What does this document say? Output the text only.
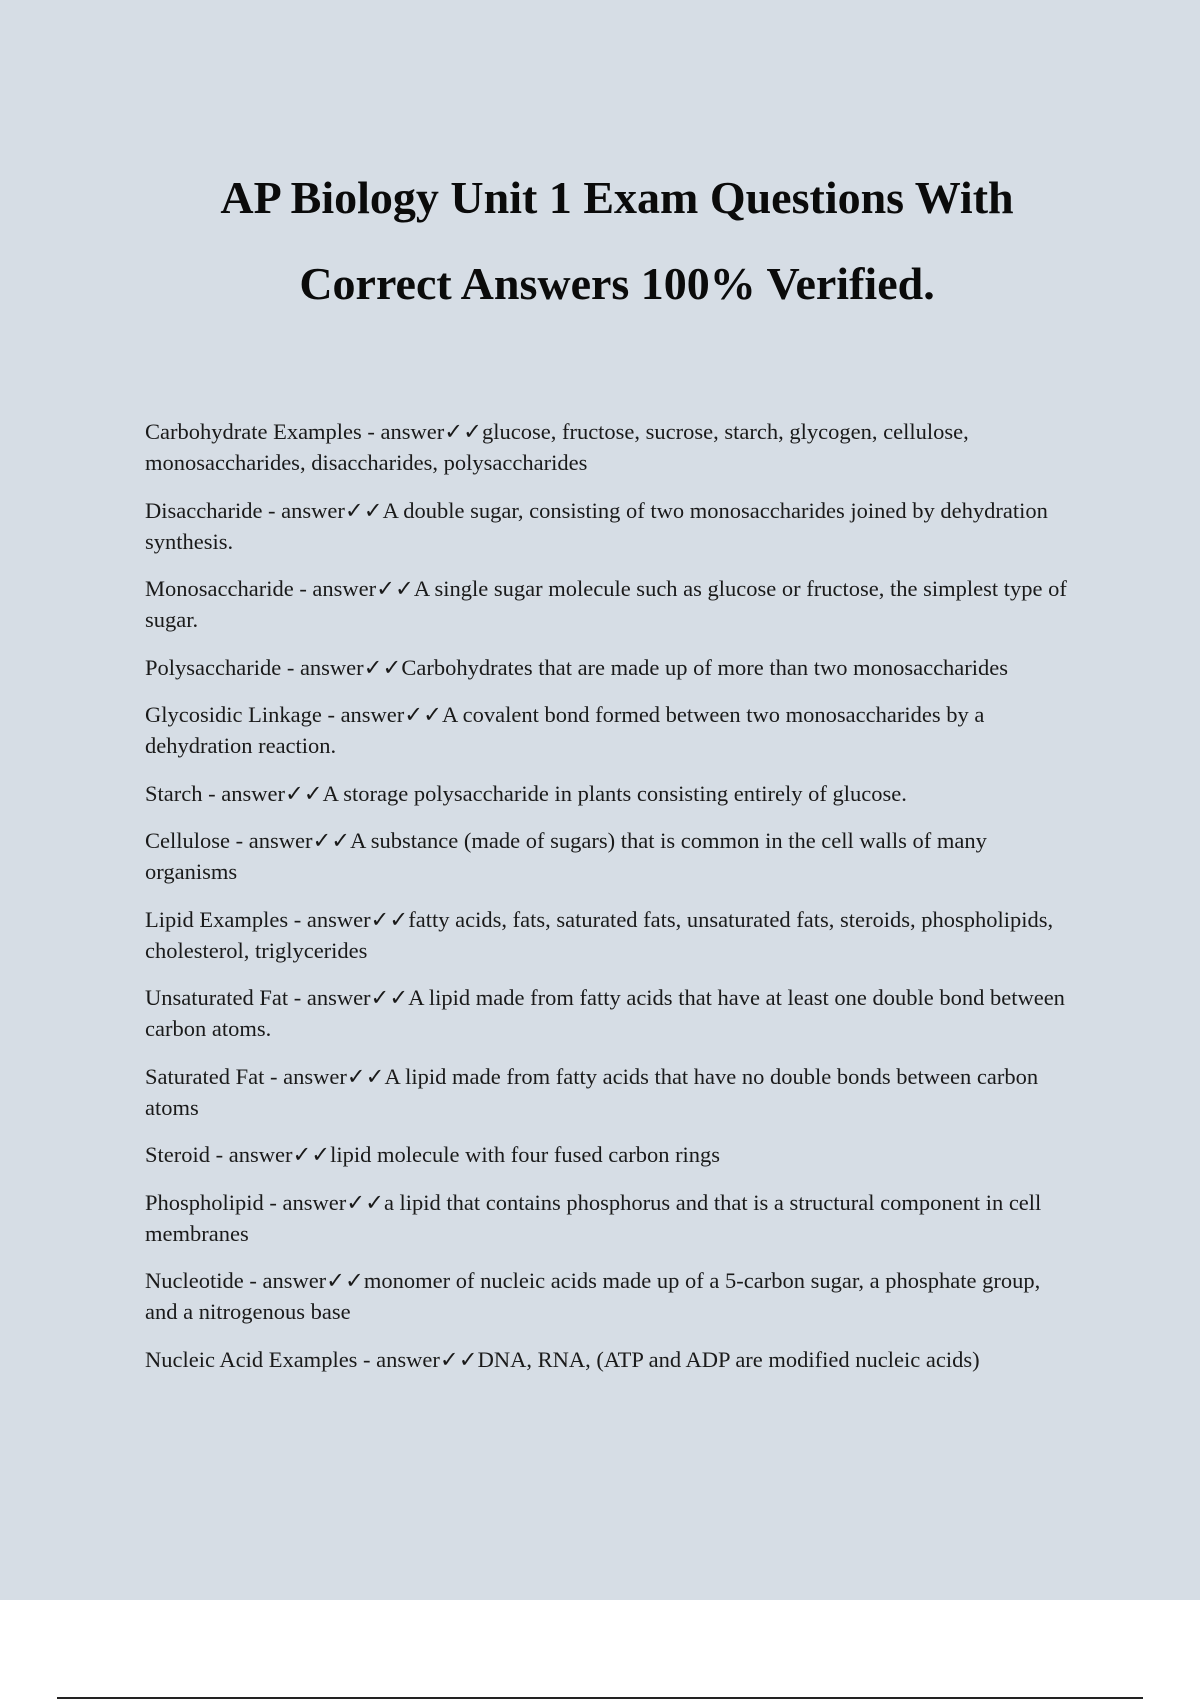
AP Biology Unit 1 Exam Questions With Correct Answers 100% Verified.

Carbohydrate Examples - answer✓✓glucose, fructose, sucrose, starch, glycogen, cellulose, monosaccharides, disaccharides, polysaccharides

Disaccharide - answer✓✓A double sugar, consisting of two monosaccharides joined by dehydration synthesis.

Monosaccharide - answer✓✓A single sugar molecule such as glucose or fructose, the simplest type of sugar.

Polysaccharide - answer✓✓Carbohydrates that are made up of more than two monosaccharides

Glycosidic Linkage - answer✓✓A covalent bond formed between two monosaccharides by a dehydration reaction.

Starch - answer✓✓A storage polysaccharide in plants consisting entirely of glucose.

Cellulose - answer✓✓A substance (made of sugars) that is common in the cell walls of many organisms

Lipid Examples - answer✓✓fatty acids, fats, saturated fats, unsaturated fats, steroids, phospholipids, cholesterol, triglycerides

Unsaturated Fat - answer✓✓A lipid made from fatty acids that have at least one double bond between carbon atoms.

Saturated Fat - answer✓✓A lipid made from fatty acids that have no double bonds between carbon atoms

Steroid - answer✓✓lipid molecule with four fused carbon rings

Phospholipid - answer✓✓a lipid that contains phosphorus and that is a structural component in cell membranes

Nucleotide - answer✓✓monomer of nucleic acids made up of a 5-carbon sugar, a phosphate group, and a nitrogenous base

Nucleic Acid Examples - answer✓✓DNA, RNA, (ATP and ADP are modified nucleic acids)
